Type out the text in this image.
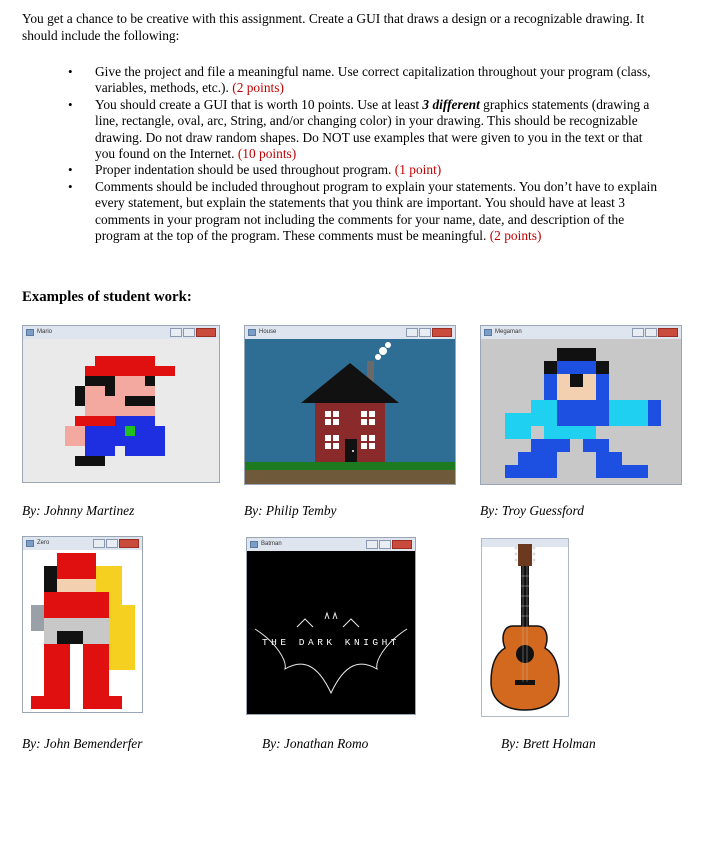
You get a chance to be creative with this assignment. Create a GUI that draws a design or a recognizable drawing. It should include the following:

• Give the project and file a meaningful name. Use correct capitalization throughout your program (class, variables, methods, etc.). (2 points)
• You should create a GUI that is worth 10 points. Use at least 3 different graphics statements (drawing a line, rectangle, oval, arc, String, and/or changing color) in your drawing. This should be recognizable drawing. Do not draw random shapes. Do NOT use examples that were given to you in the text or that you found on the Internet. (10 points)
• Proper indentation should be used throughout program. (1 point)
• Comments should be included throughout program to explain your statements. You don’t have to explain every statement, but explain the statements that you think are important. You should have at least 3 comments in your program not including the comments for your name, date, and description of the program at the top of the program. These comments must be meaningful. (2 points)

Examples of student work:

Mario

By: Johnny Martinez

House

By: Philip Temby

Megaman

By: Troy Guessford

Zero

By: John Bemenderfer

Batman
THE DARK KNIGHT

By: Jonathan Romo	By: Brett Holman
